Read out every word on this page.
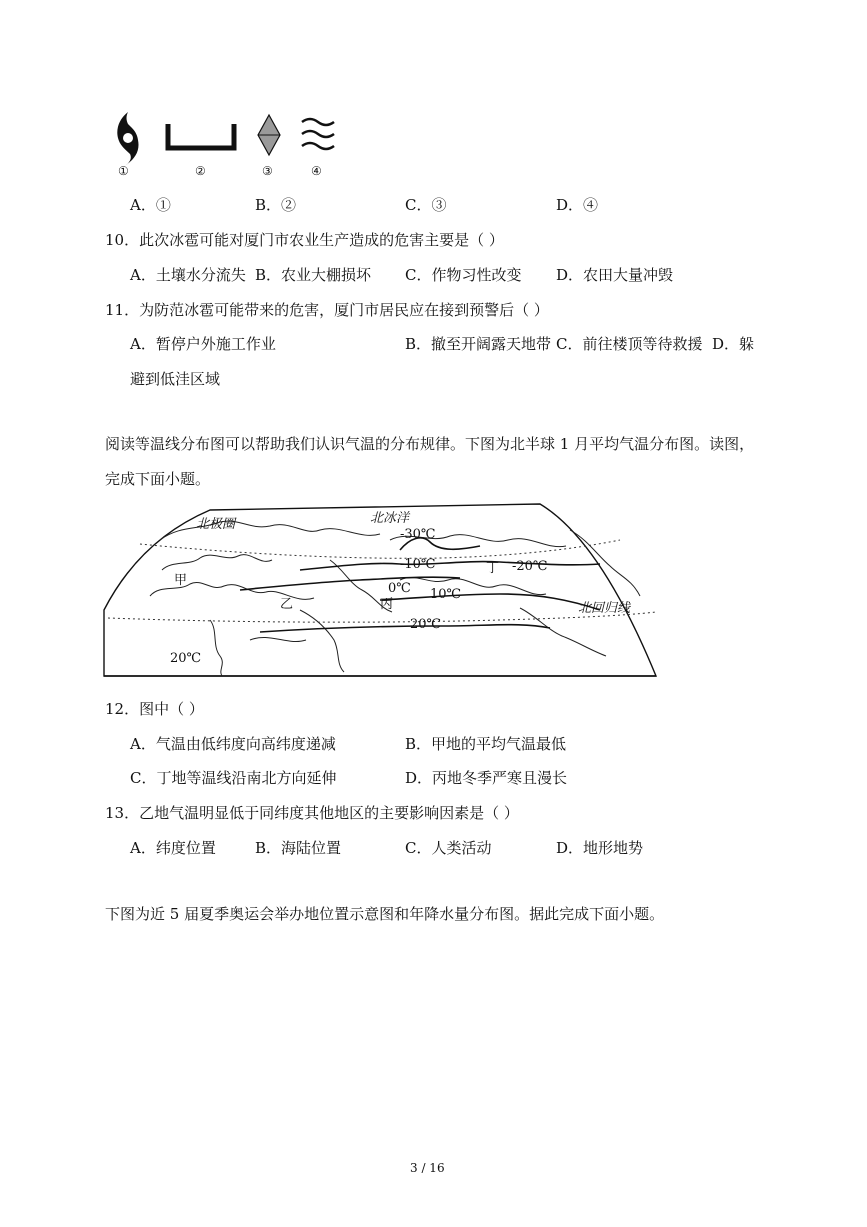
①	②	③	④
A．①	B．②	C．③	D．④
10．此次冰雹可能对厦门市农业生产造成的危害主要是（ ）
A．土壤水分流失 B．农业大棚损坏 C．作物习性改变 D．农田大量冲毁
11．为防范冰雹可能带来的危害，厦门市居民应在接到预警后（ ）
A．暂停户外施工作业	B．撤至开阔露天地带 C．前往楼顶等待救援 D．躲
避到低洼区域
阅读等温线分布图可以帮助我们认识气温的分布规律。下图为北半球 1 月平均气温分布图。读图，
完成下面小题。
北冰洋
北极圈
北回归线
-30℃
-10℃	-20℃
0℃ 10℃
20℃
20℃
甲
乙	丙
丁
12．图中（ ）
A．气温由低纬度向高纬度递减	B．甲地的平均气温最低
C．丁地等温线沿南北方向延伸	D．丙地冬季严寒且漫长
13．乙地气温明显低于同纬度其他地区的主要影响因素是（ ）
A．纬度位置	B．海陆位置	C．人类活动	D．地形地势
下图为近 5 届夏季奥运会举办地位置示意图和年降水量分布图。据此完成下面小题。
3 / 16
